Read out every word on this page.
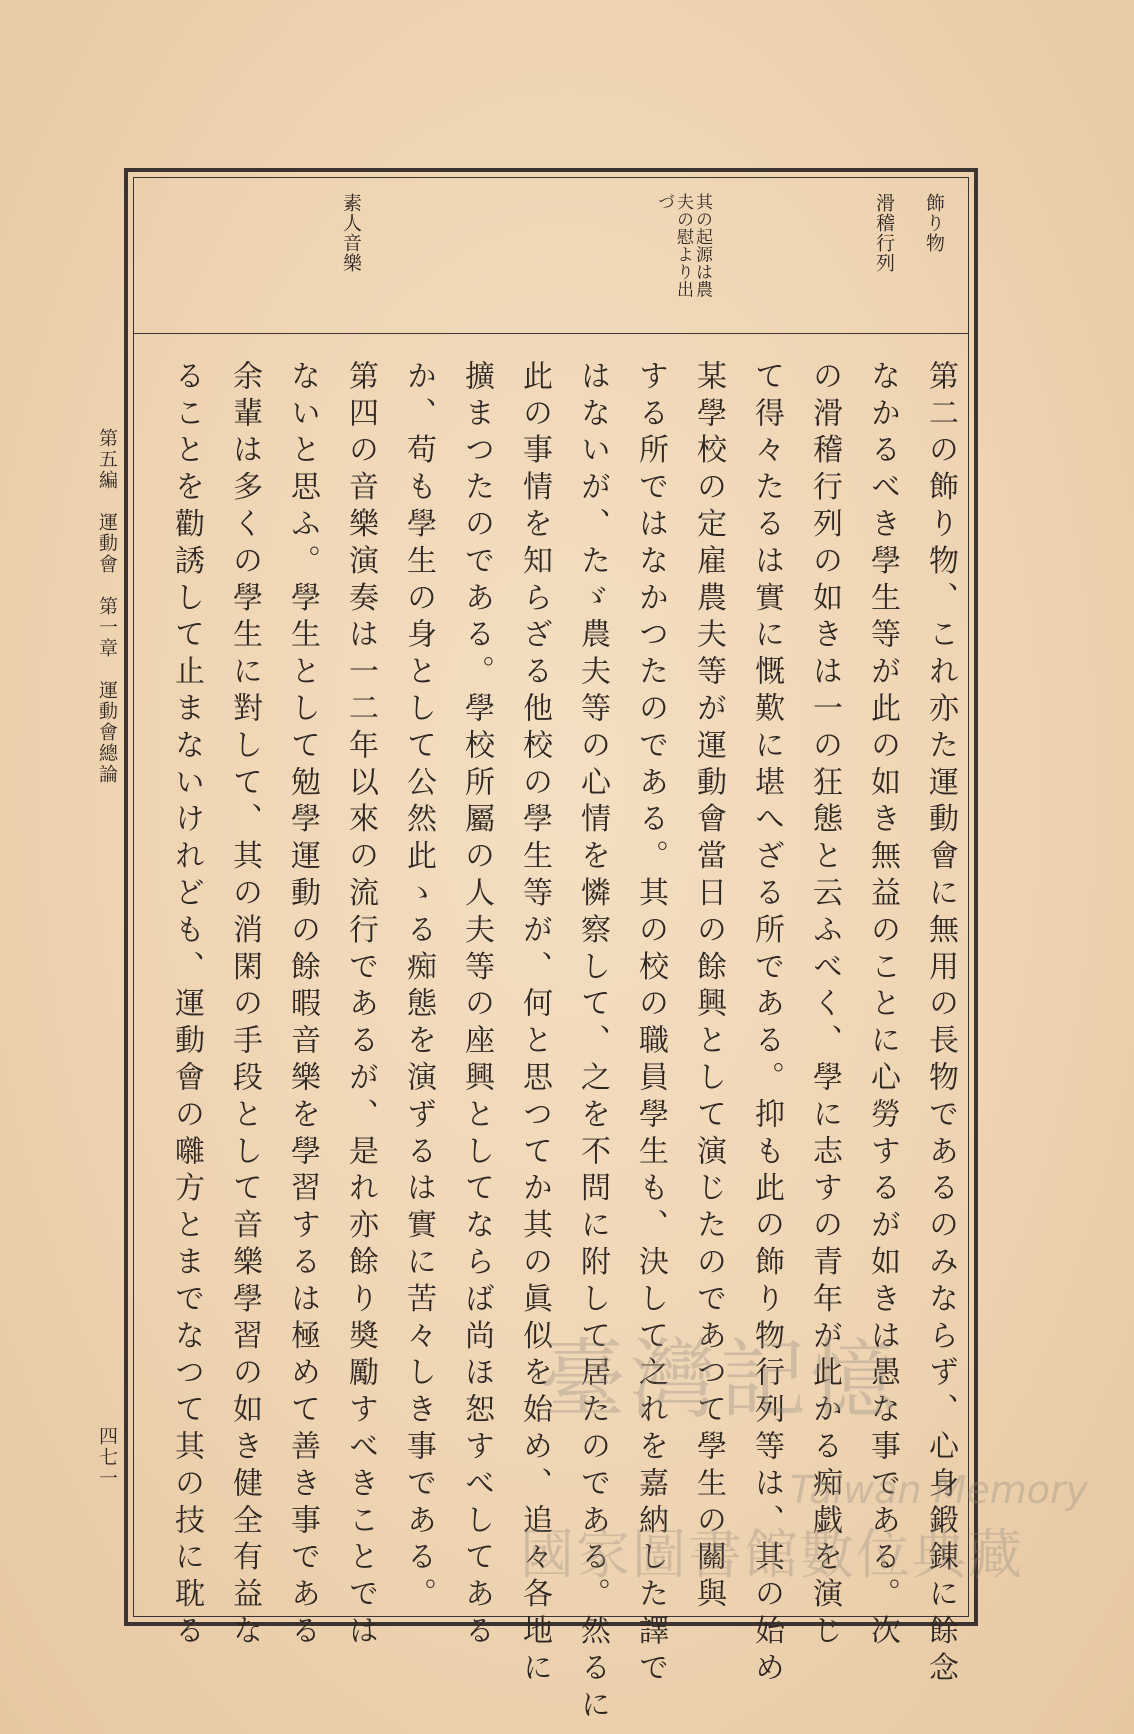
飾り物

滑稽行列

其の起源は農

夫の慰より出

づ

素人音樂

第二の飾り物、これ亦た運動會に無用の長物であるのみならず、心身鍛錬に餘念

なかるべき學生等が此の如き無益のことに心勞するが如きは愚な事である。次

の滑稽行列の如きは一の狂態と云ふべく、學に志すの青年が此かる痴戯を演じ

て得々たるは實に慨歎に堪へざる所である。抑も此の飾り物行列等は、其の始め

某學校の定雇農夫等が運動會當日の餘興として演じたのであつて學生の關與

する所ではなかつたのである。其の校の職員學生も、決して之れを嘉納した譯で

はないが、たゞ農夫等の心情を憐察して、之を不問に附して居たのである。然るに

此の事情を知らざる他校の學生等が、何と思つてか其の眞似を始め、追々各地に

擴まつたのである。學校所屬の人夫等の座興としてならば尚ほ恕すべしてある

か、苟も學生の身として公然此ゝる痴態を演ずるは實に苦々しき事である。

第四の音樂演奏は一二年以來の流行であるが、是れ亦餘り奬勵すべきことでは

ないと思ふ。學生として勉學運動の餘暇音樂を學習するは極めて善き事である

余輩は多くの學生に對して、其の消閑の手段として音樂學習の如き健全有益な

ることを勸誘して止まないけれども、運動會の囃方とまでなつて其の技に耽る

第五編　運動會　第一章　運動會總論

四七一

臺灣記憶
Taiwan Memory
國家圖書館數位典藏
